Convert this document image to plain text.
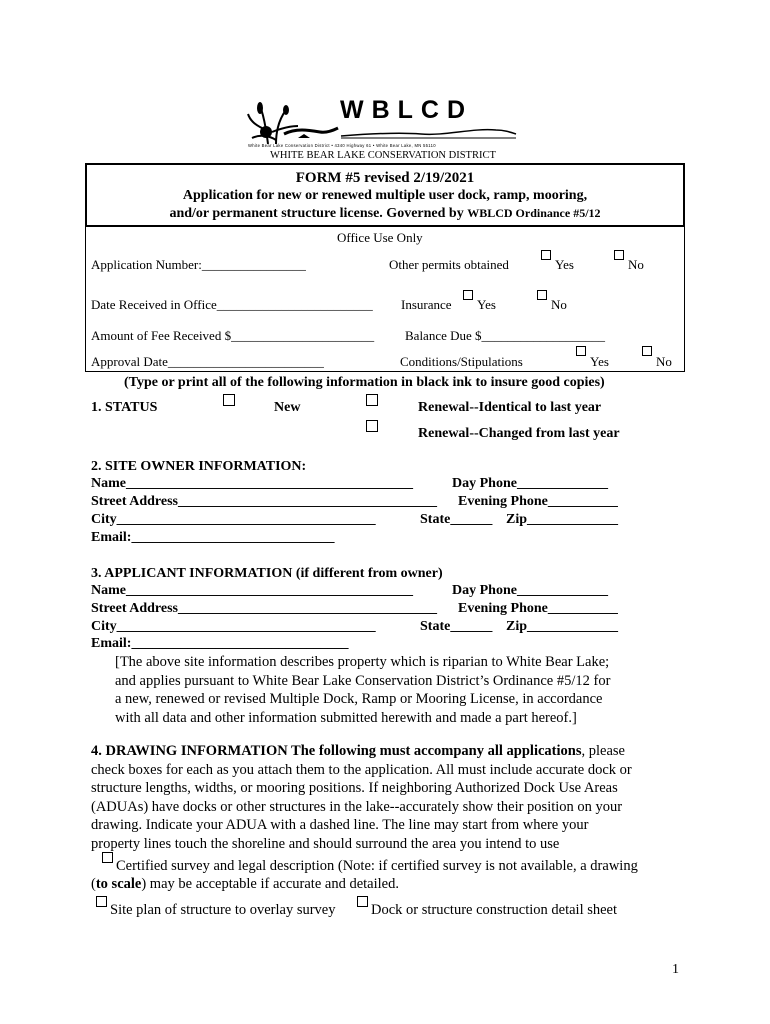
WBLCD
White Bear Lake Conservation District • 4340 Highway 61 • White Bear Lake, MN 55110
WHITE BEAR LAKE CONSERVATION DISTRICT
FORM #5 revised 2/19/2021
Application for new or renewed multiple user dock, ramp, mooring,
and/or permanent structure license. Governed by WBLCD Ordinance #5/12
Office Use Only
Application Number:________________	Other permits obtained	Yes	No
Date Received in Office________________________ Insurance Yes	No
Amount of Fee Received $______________________ Balance Due $___________________
Approval Date________________________	Conditions/Stipulations	Yes	No
(Type or print all of the following information in black ink to insure good copies)
1. STATUS	New	Renewal--Identical to last year
Renewal--Changed from last year
2. SITE OWNER INFORMATION:
Name_________________________________________	Day Phone_____________
Street Address_____________________________________ Evening Phone__________
City_____________________________________	State______ Zip_____________
Email:_____________________________
3. APPLICANT INFORMATION (if different from owner)
Name_________________________________________	Day Phone_____________
Street Address_____________________________________ Evening Phone__________
City_____________________________________	State______ Zip_____________
Email:_______________________________
[The above site information describes property which is riparian to White Bear Lake;
and applies pursuant to White Bear Lake Conservation District’s Ordinance #5/12 for
a new, renewed or revised Multiple Dock, Ramp or Mooring License, in accordance
with all data and other information submitted herewith and made a part hereof.]
4. DRAWING INFORMATION The following must accompany all applications, please
check boxes for each as you attach them to the application. All must include accurate dock or
structure lengths, widths, or mooring positions. If neighboring Authorized Dock Use Areas
(ADUAs) have docks or other structures in the lake--accurately show their position on your
drawing. Indicate your ADUA with a dashed line. The line may start from where your
property lines touch the shoreline and should surround the area you intend to use
Certified survey and legal description (Note: if certified survey is not available, a drawing
(to scale) may be acceptable if accurate and detailed.
Site plan of structure to overlay survey Dock or structure construction detail sheet
1
